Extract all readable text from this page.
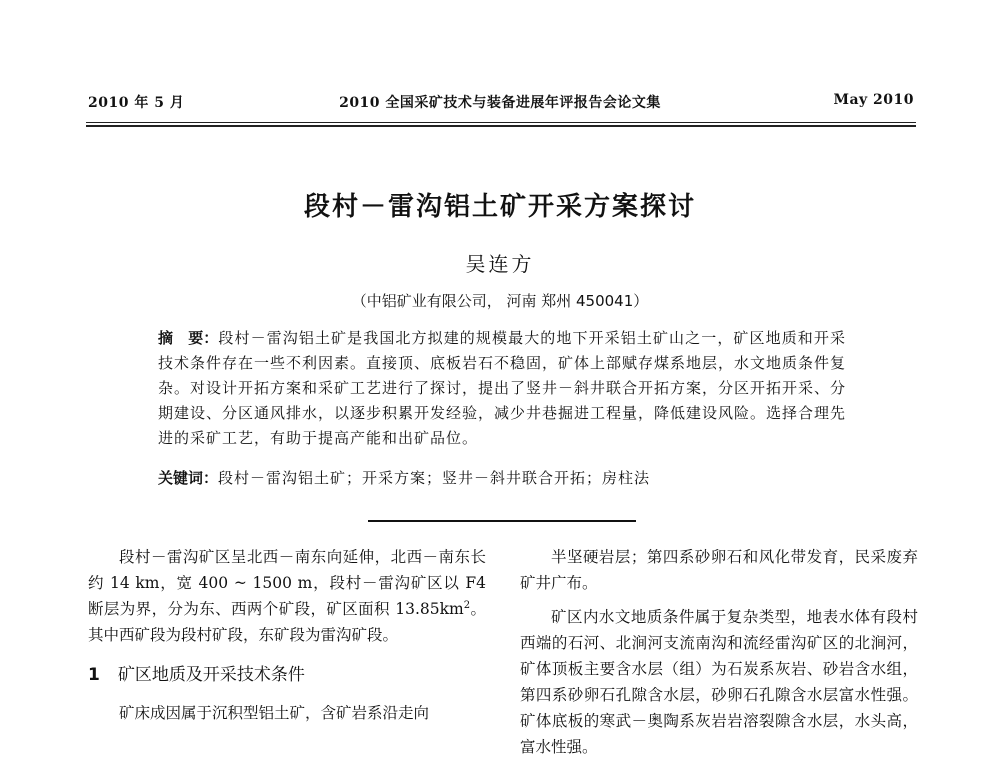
2010 年 5 月	2010 全国采矿技术与装备进展年评报告会论文集	May 2010
段村－雷沟铝土矿开采方案探讨
吴连方
（中铝矿业有限公司， 河南 郑州 450041）
摘　要：段村－雷沟铝土矿是我国北方拟建的规模最大的地下开采铝土矿山之一，矿区地质和开采技术条件存在一些不利因素。直接顶、底板岩石不稳固，矿体上部赋存煤系地层，水文地质条件复杂。对设计开拓方案和采矿工艺进行了探讨，提出了竖井－斜井联合开拓方案，分区开拓开采、分期建设、分区通风排水，以逐步积累开发经验，减少井巷掘进工程量，降低建设风险。选择合理先进的采矿工艺，有助于提高产能和出矿品位。
关键词：段村－雷沟铝土矿；开采方案；竖井－斜井联合开拓；房柱法

段村－雷沟矿区呈北西－南东向延伸，北西－南东长约 14 km，宽 400 ~ 1500 m，段村－雷沟矿区以 F4 断层为界，分为东、西两个矿段，矿区面积 $13.85km^2$。其中西矿段为段村矿段，东矿段为雷沟矿段。

1 矿区地质及开采技术条件

矿床成因属于沉积型铝土矿，含矿岩系沿走向

半坚硬岩层；第四系砂卵石和风化带发育，民采废弃矿井广布。

矿区内水文地质条件属于复杂类型，地表水体有段村西端的石河、北涧河支流南沟和流经雷沟矿区的北涧河，矿体顶板主要含水层（组）为石炭系灰岩、砂岩含水组，第四系砂卵石孔隙含水层，砂卵石孔隙含水层富水性强。矿体底板的寒武－奥陶系灰岩岩溶裂隙含水层，水头高，富水性强。
